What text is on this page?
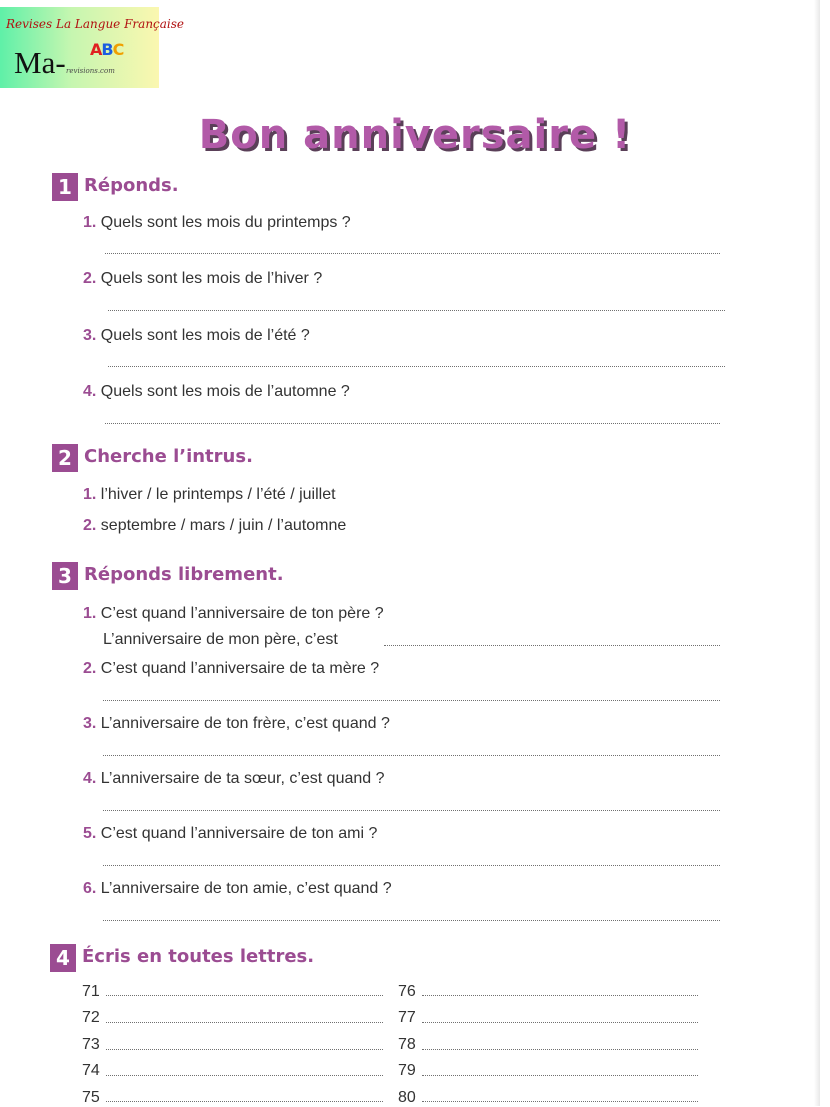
Revises La Langue Française
Ma- ABC
revisions.com
Bon anniversaire !
1 Réponds.
1. Quels sont les mois du printemps ?
2. Quels sont les mois de l’hiver ?
3. Quels sont les mois de l’été ?
4. Quels sont les mois de l’automne ?
2 Cherche l’intrus.
1. l’hiver / le printemps / l’été / juillet
2. septembre / mars / juin / l’automne
3 Réponds librement.
1. C’est quand l’anniversaire de ton père ?
L’anniversaire de mon père, c’est
2. C’est quand l’anniversaire de ta mère ?
3. L’anniversaire de ton frère, c’est quand ?
4. L’anniversaire de ta sœur, c’est quand ?
5. C’est quand l’anniversaire de ton ami ?
6. L’anniversaire de ton amie, c’est quand ?
4 Écris en toutes lettres.
71
72
73
74
75
76
77
78
79
80
